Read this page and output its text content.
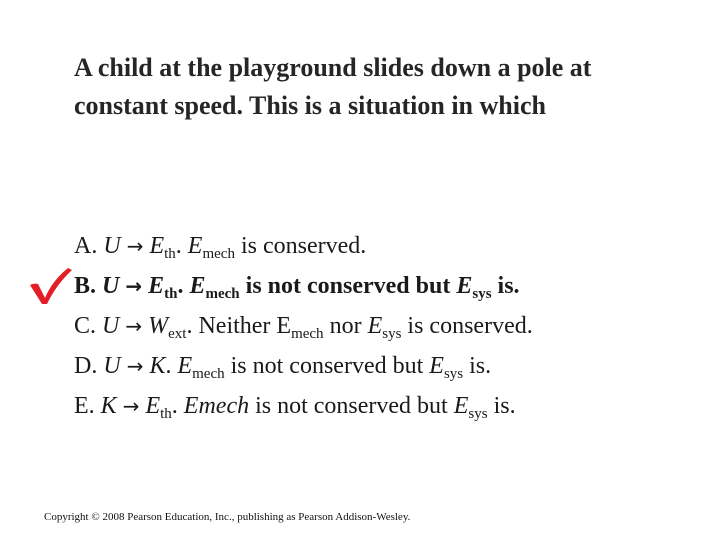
A child at the playground slides down a pole at constant speed. This is a situation in which
A. $U \to E_{th}$. $E_{mech}$ is conserved.
B. $U \to E_{th}$. $E_{mech}$ is not conserved but $E_{sys}$ is.
C. $U \to W_{ext}$. Neither $E_{mech}$ nor $E_{sys}$ is conserved.
D. U → K. $E_{mech}$ is not conserved but $E_{sys}$ is.
E. $K \to E_{th}$. Emech is not conserved but $E_{sys}$ is.
Copyright © 2008 Pearson Education, Inc., publishing as Pearson Addison-Wesley.
